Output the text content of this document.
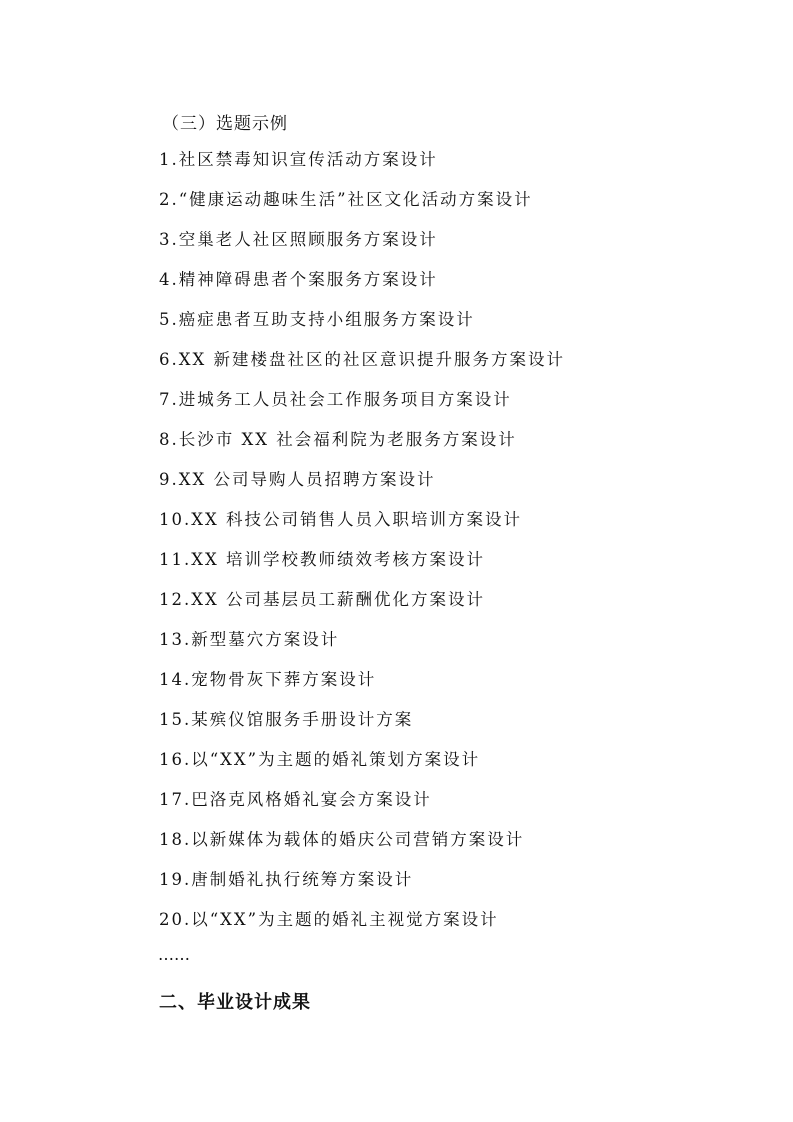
（三）选题示例
1.社区禁毒知识宣传活动方案设计
2.“健康运动趣味生活”社区文化活动方案设计
3.空巢老人社区照顾服务方案设计
4.精神障碍患者个案服务方案设计
5.癌症患者互助支持小组服务方案设计
6.XX 新建楼盘社区的社区意识提升服务方案设计
7.进城务工人员社会工作服务项目方案设计
8.长沙市 XX 社会福利院为老服务方案设计
9.XX 公司导购人员招聘方案设计
10.XX 科技公司销售人员入职培训方案设计
11.XX 培训学校教师绩效考核方案设计
12.XX 公司基层员工薪酬优化方案设计
13.新型墓穴方案设计
14.宠物骨灰下葬方案设计
15.某殡仪馆服务手册设计方案
16.以“XX”为主题的婚礼策划方案设计
17.巴洛克风格婚礼宴会方案设计
18.以新媒体为载体的婚庆公司营销方案设计
19.唐制婚礼执行统筹方案设计
20.以“XX”为主题的婚礼主视觉方案设计
……
二、毕业设计成果
